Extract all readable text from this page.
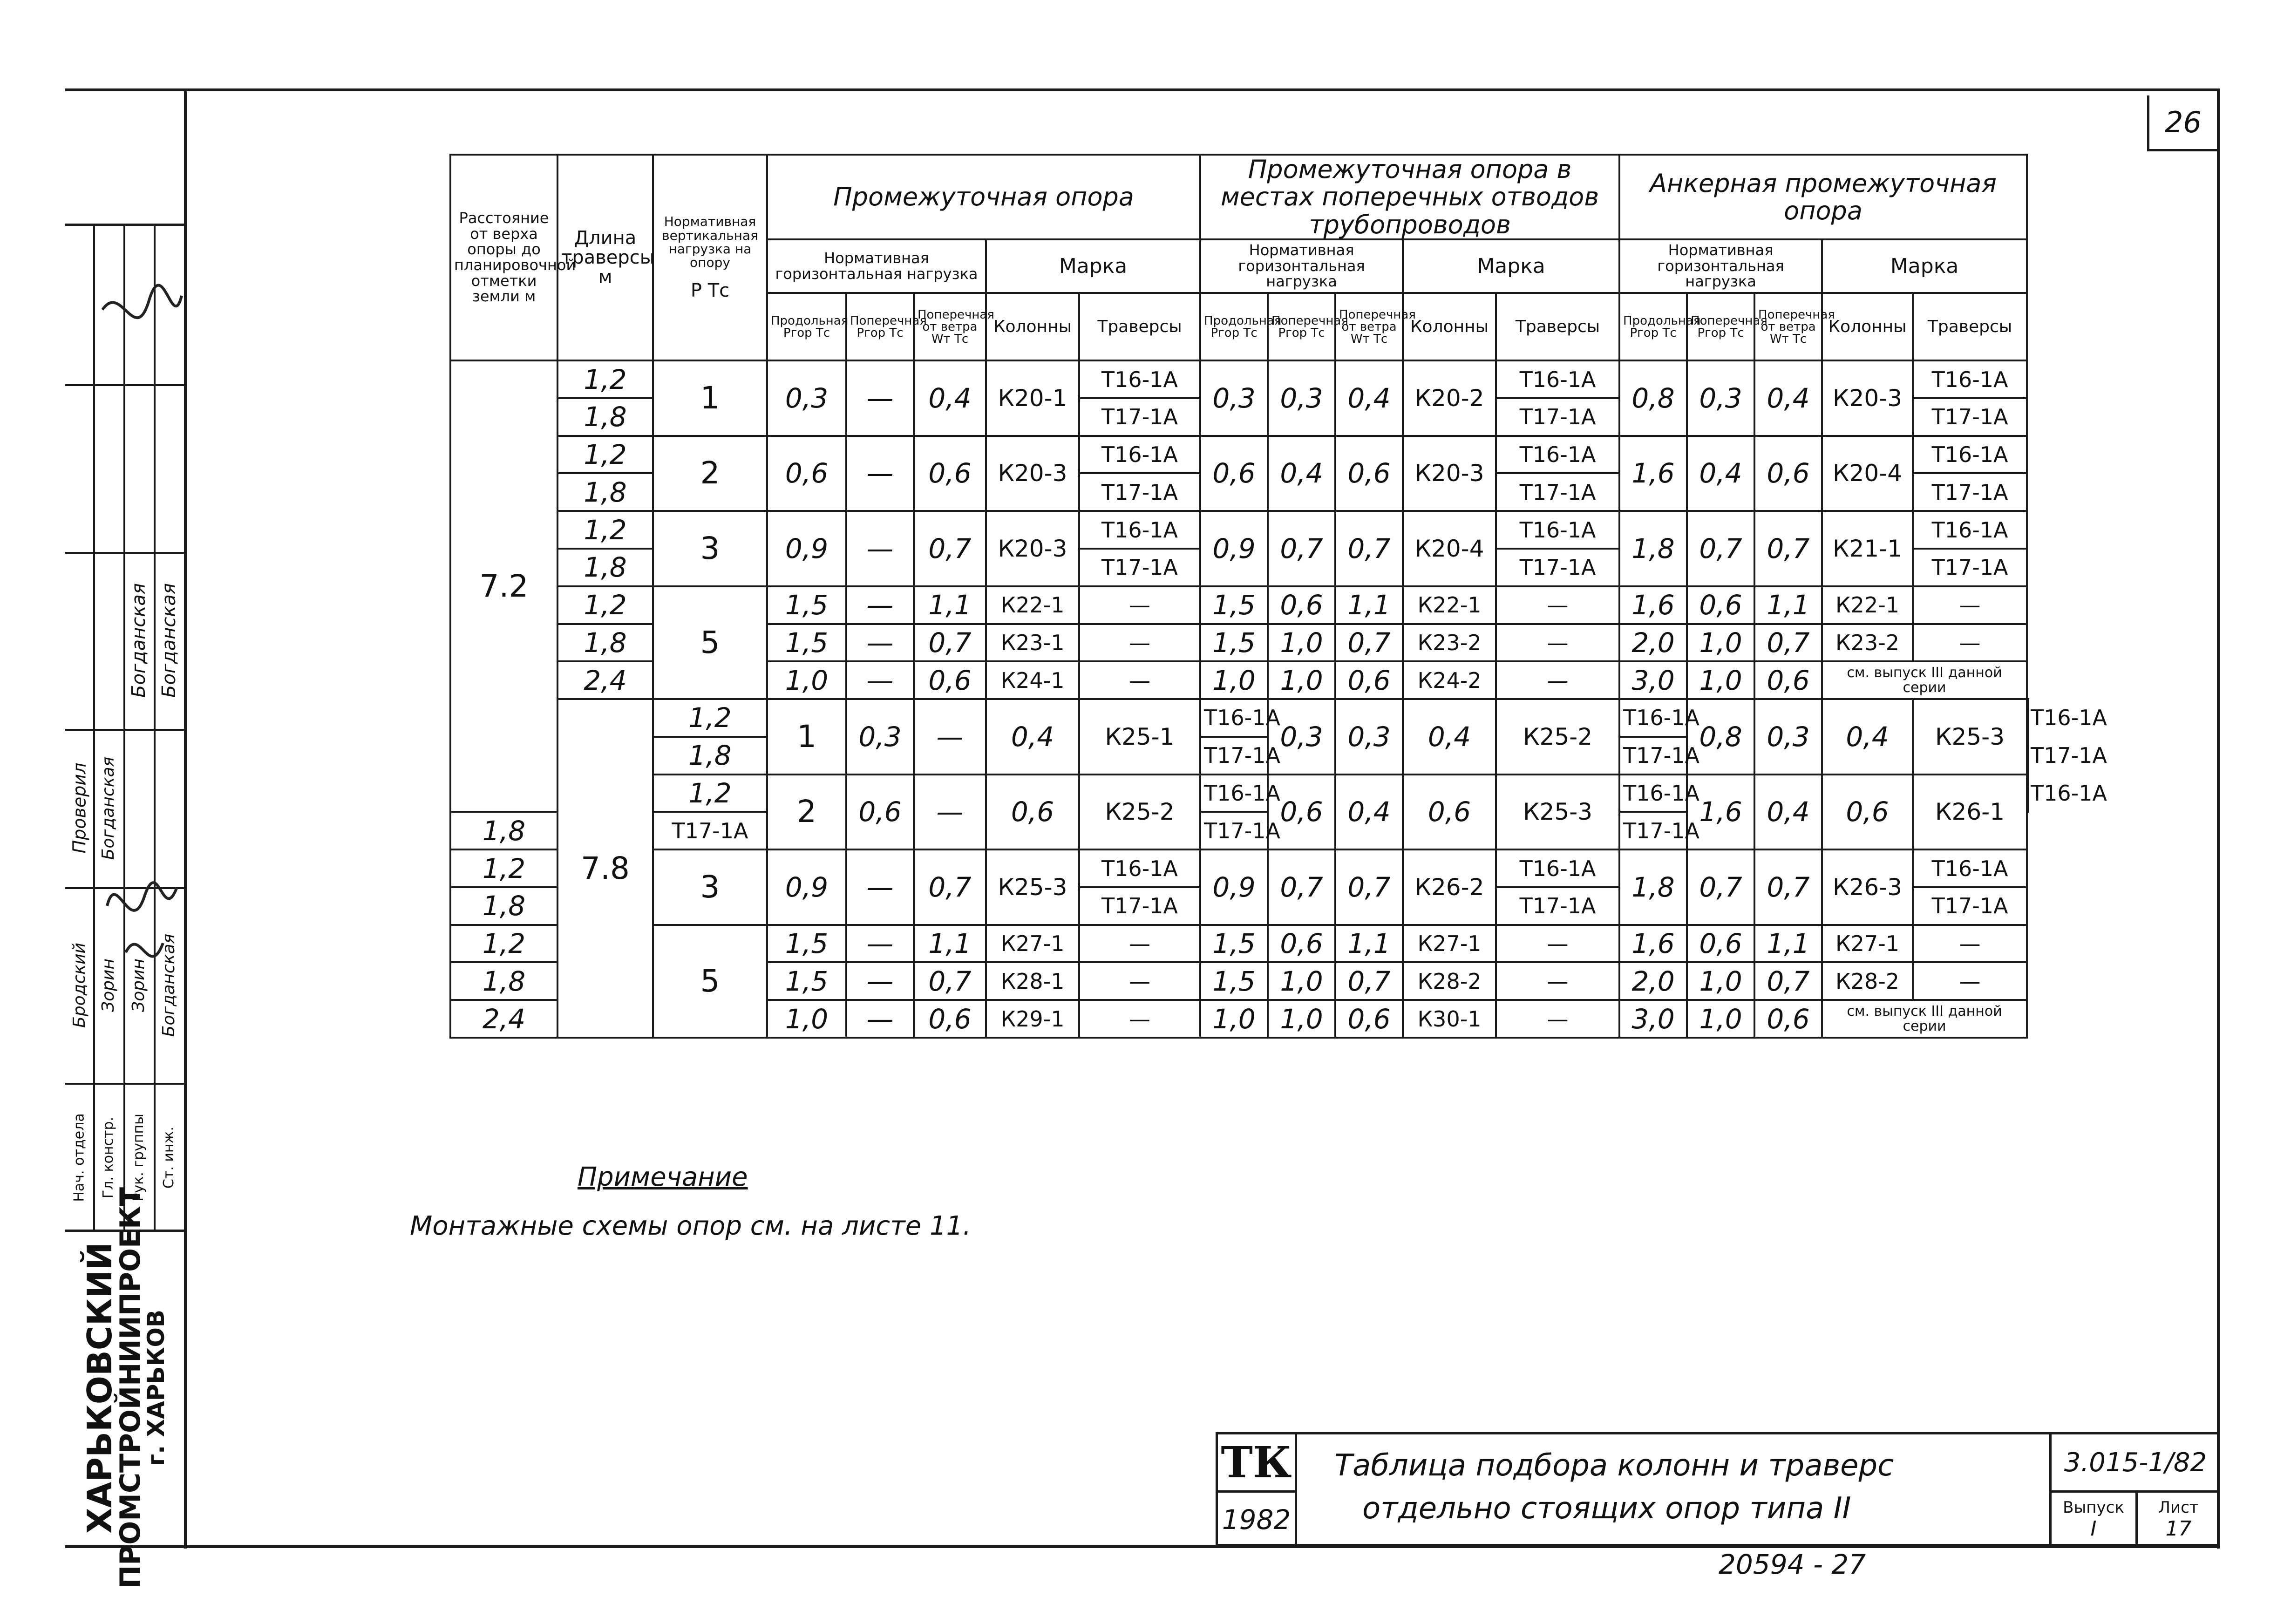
26
Богданская
Проверил
Нач. отдела Гл. констр. Рук. группы Ст. инж.
Бродский Зорин Зорин Богданская
Богданская
Богданская
ХАРЬКОВСКИЙ
ПРОМСТРОЙНИИПРОЕКТ
г. ХАРЬКОВ
Расстояние от верха опоры до планировочной отметки земли м	Длина траверсы м	Нормативная вертикальная нагрузка на опору
P Тс	Промежуточная опора					Промежуточная опора в местах поперечных отводов трубопроводов					Анкерная промежуточная опора					
			Нормативная горизонтальная нагрузка			Марка		Нормативная горизонтальная нагрузка			Марка		Нормативная горизонтальная нагрузка			Марка		
			Продольная Pгор Тс	Поперечная Pгор Тс	Поперечная от ветра Wт Тс	Колонны	Траверсы	Продольная Pгор Тс	Поперечная Pгор Тс	Поперечная от ветра Wт Тс	Колонны	Траверсы	Продольная Pгор Тс	Поперечная Pгор Тс	Поперечная от ветра Wт Тс	Колонны	Траверсы	
7.2	1,2	1	0,3	—	0,4	К20-1	Т16-1А	0,3	0,3	0,4	К20-2	Т16-1А	0,8	0,3	0,4	К20-3	Т16-1А	
	1,8						Т17-1А					Т17-1А					Т17-1А	
	1,2	2	0,6	—	0,6	К20-3	Т16-1А	0,6	0,4	0,6	К20-3	Т16-1А	1,6	0,4	0,6	К20-4	Т16-1А	
	1,8						Т17-1А					Т17-1А					Т17-1А	
	1,2	3	0,9	—	0,7	К20-3	Т16-1А	0,9	0,7	0,7	К20-4	Т16-1А	1,8	0,7	0,7	К21-1	Т16-1А	
	1,8						Т17-1А					Т17-1А					Т17-1А	
	1,2	5	1,5	—	1,1	К22-1	—	1,5	0,6	1,1	К22-1	—	1,6	0,6	1,1	К22-1	—	
	1,8		1,5	—	0,7	К23-1	—	1,5	1,0	0,7	К23-2	—	2,0	1,0	0,7	К23-2	—	
	2,4		1,0	—	0,6	К24-1	—	1,0	1,0	0,6	К24-2	—	3,0	1,0	0,6	см. выпуск III данной серии		
	7.8	1,2	1	0,3	—	0,4	К25-1	Т16-1А	0,3	0,3	0,4	К25-2	Т16-1А	0,8	0,3	0,4	К25-3	Т16-1А
		1,8						Т17-1А					Т17-1А					Т17-1А
		1,2	2	0,6	—	0,6	К25-2	Т16-1А	0,6	0,4	0,6	К25-3	Т16-1А	1,6	0,4	0,6	К26-1	Т16-1А
1,8		Т17-1А						Т17-1А					Т17-1А					
1,2		3	0,9	—	0,7	К25-3	Т16-1А	0,9	0,7	0,7	К26-2	Т16-1А	1,8	0,7	0,7	К26-3	Т16-1А	
1,8							Т17-1А					Т17-1А					Т17-1А	
1,2		5	1,5	—	1,1	К27-1	—	1,5	0,6	1,1	К27-1	—	1,6	0,6	1,1	К27-1	—	
1,8			1,5	—	0,7	К28-1	—	1,5	1,0	0,7	К28-2	—	2,0	1,0	0,7	К28-2	—	
2,4			1,0	—	0,6	К29-1	—	1,0	1,0	0,6	К30-1	—	3,0	1,0	0,6	см. выпуск III данной серии		
Примечание
Монтажные схемы опор см. на листе 11.
ТК
1982
Таблица подбора колонн и траверс
отдельно стоящих опор типа II
3.015-1/82
Выпуск
I
Лист
17
20594 - 27
